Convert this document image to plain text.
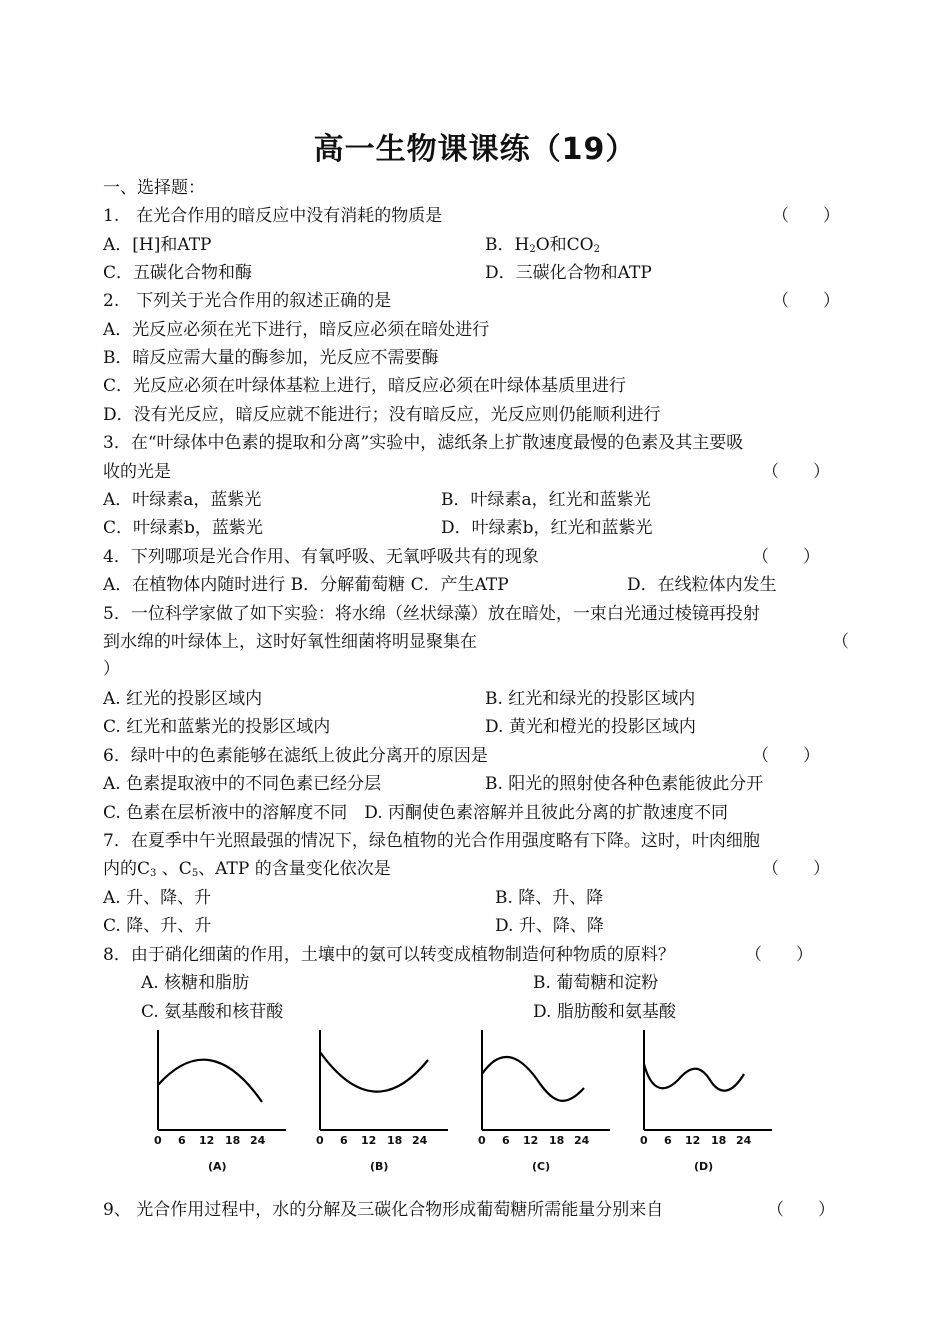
高一生物课课练（19）
一、选择题：
1.　在光合作用的暗反应中没有消耗的物质是	（　　）
A．[H]和ATP	B．$H_2O$和$CO_2$
C．五碳化合物和酶	D．三碳化合物和ATP
2.　下列关于光合作用的叙述正确的是	（　　）
A．光反应必须在光下进行，暗反应必须在暗处进行
B．暗反应需大量的酶参加，光反应不需要酶
C．光反应必须在叶绿体基粒上进行，暗反应必须在叶绿体基质里进行
D．没有光反应，暗反应就不能进行；没有暗反应，光反应则仍能顺利进行
3．在“叶绿体中色素的提取和分离”实验中，滤纸条上扩散速度最慢的色素及其主要吸
收的光是	（　　）
A．叶绿素a，蓝紫光	B．叶绿素a，红光和蓝紫光
C．叶绿素b，蓝紫光	D．叶绿素b，红光和蓝紫光
4．下列哪项是光合作用、有氧呼吸、无氧呼吸共有的现象	（　　）
A．在植物体内随时进行 B．分解葡萄糖 C．产生ATP	D．在线粒体内发生
5．一位科学家做了如下实验：将水绵（丝状绿藻）放在暗处，一束白光通过棱镜再投射
到水绵的叶绿体上，这时好氧性细菌将明显聚集在	（
）
A. 红光的投影区域内	B. 红光和绿光的投影区域内
C. 红光和蓝紫光的投影区域内	D. 黄光和橙光的投影区域内
6．绿叶中的色素能够在滤纸上彼此分离开的原因是	（　　）
A. 色素提取液中的不同色素已经分层	B. 阳光的照射使各种色素能彼此分开
C. 色素在层析液中的溶解度不同　D. 丙酮使色素溶解并且彼此分离的扩散速度不同
7．在夏季中午光照最强的情况下，绿色植物的光合作用强度略有下降。这时，叶肉细胞
内的$C_3$ 、$C_5$、ATP 的含量变化依次是	（　　）
A. 升、降、升	B. 降、升、降
C. 降、升、升	D. 升、降、降
8．由于硝化细菌的作用，土壤中的氨可以转变成植物制造何种物质的原料？	（　　）
A. 核糖和脂肪	B. 葡萄糖和淀粉
C. 氨基酸和核苷酸	D. 脂肪酸和氨基酸
0 6 12 18 24
(A)
0 6 12 18 24
(B)
0 6 12 18 24
(C)
0 6 12 18 24
(D)
9、 光合作用过程中，水的分解及三碳化合物形成葡萄糖所需能量分别来自	（　　）
